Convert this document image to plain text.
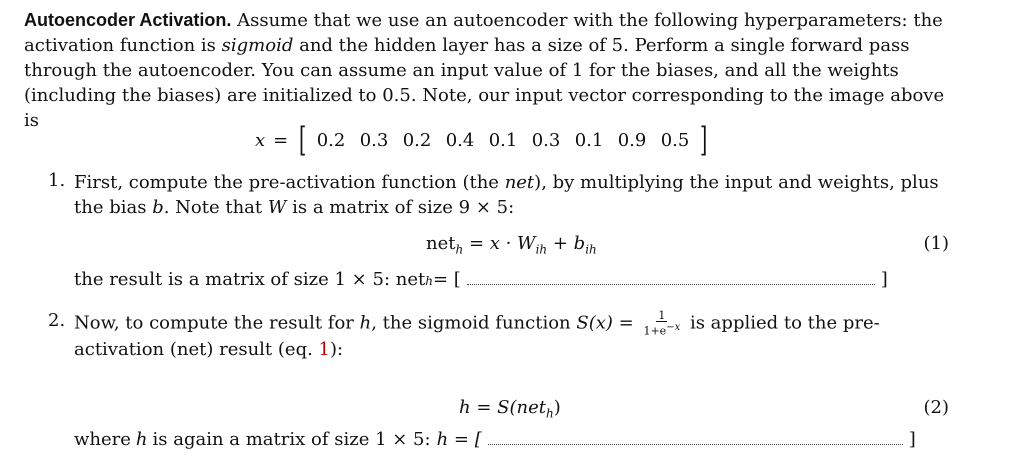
Autoencoder Activation. Assume that we use an autoencoder with the following hyperparameters: the activation function is sigmoid and the hidden layer has a size of 5. Perform a single forward pass through the autoencoder. You can assume an input value of 1 for the biases, and all the weights (including the biases) are initialized to 0.5. Note, our input vector corresponding to the image above is
x = [ 0.2 0.3 0.2 0.4 0.1 0.3 0.1 0.9 0.5 ]
1. First, compute the pre-activation function (the net), by multiplying the input and weights, plus the bias b. Note that W is a matrix of size 9 × 5:
$net_h = x \cdot W_{ih} + b_{ih}$	(1)
the result is a matrix of size 1 × 5: net h = [	]
2. Now, to compute the result for h, the sigmoid function $S(x) = \frac{1}{1+e^{-x}}$ is applied to the pre-activation (net) result (eq. 1):
h = S(net$_h$)	(2)
where h is again a matrix of size 1 × 5: h = [	]
